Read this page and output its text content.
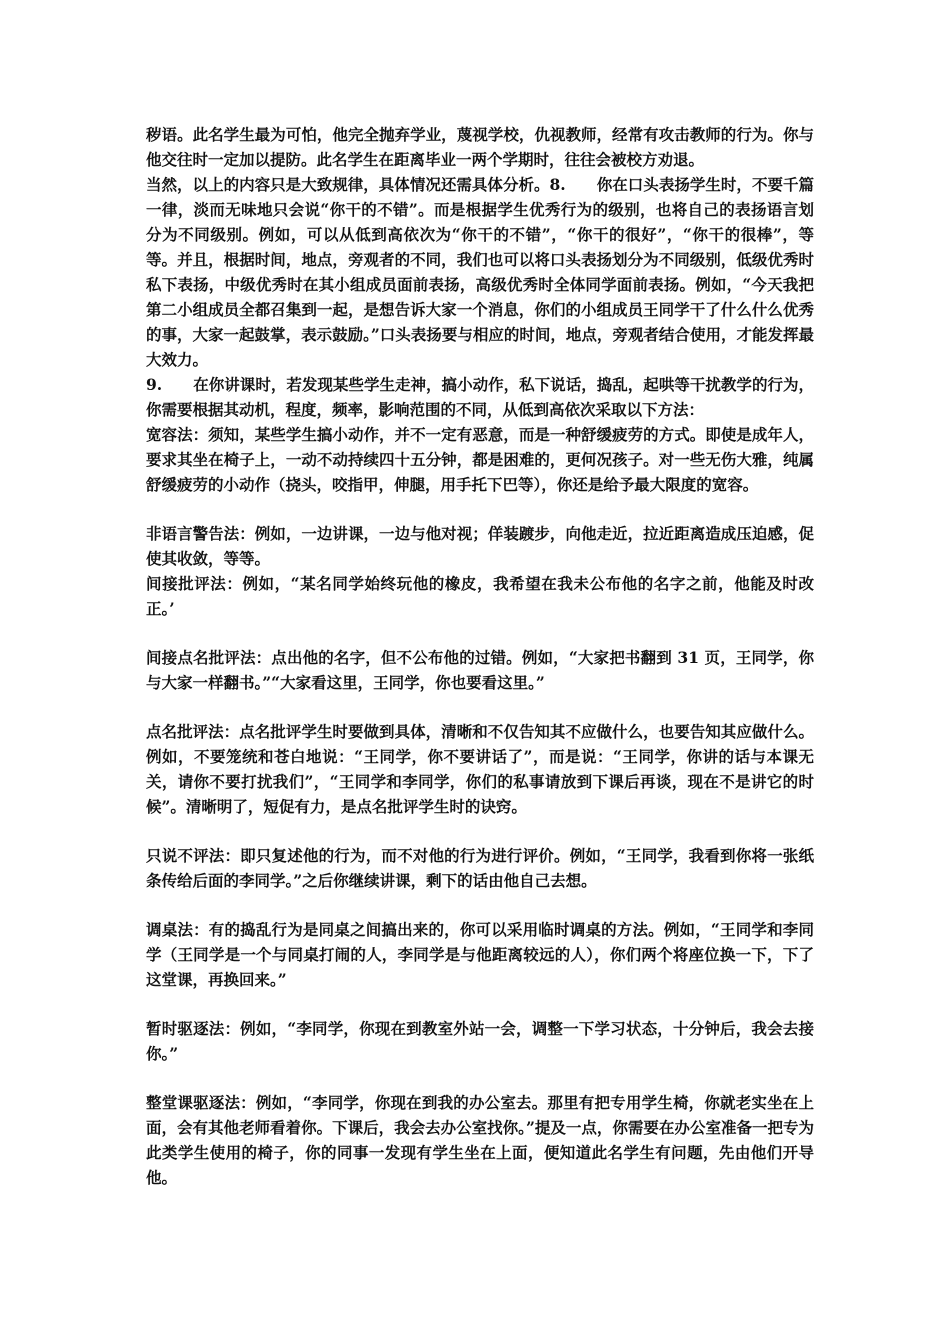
秽语。此名学生最为可怕，他完全抛弃学业，蔑视学校，仇视教师，经常有攻击教师的行为。你与他交往时一定加以提防。此名学生在距离毕业一两个学期时，往往会被校方劝退。

当然，以上的内容只是大致规律，具体情况还需具体分析。8.　　你在口头表扬学生时，不要千篇一律，淡而无味地只会说“你干的不错”。而是根据学生优秀行为的级别，也将自己的表扬语言划分为不同级别。例如，可以从低到高依次为“你干的不错”，“你干的很好”，“你干的很棒”，等等。并且，根据时间，地点，旁观者的不同，我们也可以将口头表扬划分为不同级别，低级优秀时私下表扬，中级优秀时在其小组成员面前表扬，高级优秀时全体同学面前表扬。例如，“今天我把第二小组成员全都召集到一起，是想告诉大家一个消息，你们的小组成员王同学干了什么什么优秀的事，大家一起鼓掌，表示鼓励。”口头表扬要与相应的时间，地点，旁观者结合使用，才能发挥最大效力。

9.　　在你讲课时，若发现某些学生走神，搞小动作，私下说话，捣乱，起哄等干扰教学的行为，你需要根据其动机，程度，频率，影响范围的不同，从低到高依次采取以下方法：

宽容法：须知，某些学生搞小动作，并不一定有恶意，而是一种舒缓疲劳的方式。即使是成年人，要求其坐在椅子上，一动不动持续四十五分钟，都是困难的，更何况孩子。对一些无伤大雅，纯属舒缓疲劳的小动作（挠头，咬指甲，伸腿，用手托下巴等），你还是给予最大限度的宽容。

非语言警告法：例如，一边讲课，一边与他对视；佯装踱步，向他走近，拉近距离造成压迫感，促使其收敛，等等。

间接批评法：例如，“某名同学始终玩他的橡皮，我希望在我未公布他的名字之前，他能及时改正。’

间接点名批评法：点出他的名字，但不公布他的过错。例如，“大家把书翻到 31 页，王同学，你与大家一样翻书。”“大家看这里，王同学，你也要看这里。”

点名批评法：点名批评学生时要做到具体，清晰和不仅告知其不应做什么，也要告知其应做什么。例如，不要笼统和苍白地说：“王同学，你不要讲话了”，而是说：“王同学，你讲的话与本课无关，请你不要打扰我们”，“王同学和李同学，你们的私事请放到下课后再谈，现在不是讲它的时候”。清晰明了，短促有力，是点名批评学生时的诀窍。

只说不评法：即只复述他的行为，而不对他的行为进行评价。例如，“王同学，我看到你将一张纸条传给后面的李同学。”之后你继续讲课，剩下的话由他自己去想。

调桌法：有的捣乱行为是同桌之间搞出来的，你可以采用临时调桌的方法。例如，“王同学和李同学（王同学是一个与同桌打闹的人，李同学是与他距离较远的人），你们两个将座位换一下，下了这堂课，再换回来。”

暂时驱逐法：例如，“李同学，你现在到教室外站一会，调整一下学习状态，十分钟后，我会去接你。”

整堂课驱逐法：例如，“李同学，你现在到我的办公室去。那里有把专用学生椅，你就老实坐在上面，会有其他老师看着你。下课后，我会去办公室找你。”提及一点，你需要在办公室准备一把专为此类学生使用的椅子，你的同事一发现有学生坐在上面，便知道此名学生有问题，先由他们开导他。
